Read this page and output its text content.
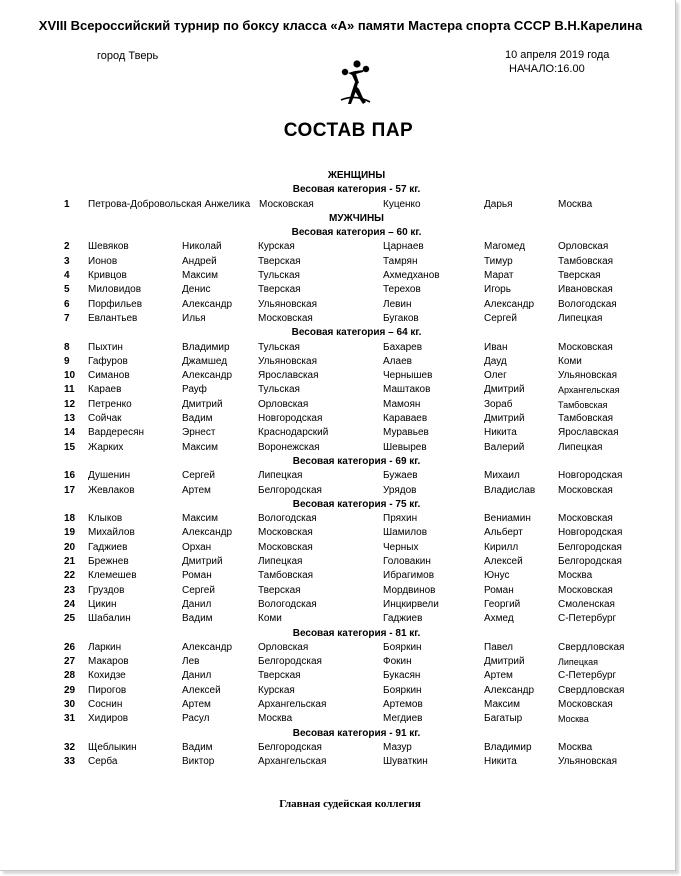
XVIII Всероссийский турнир по боксу класса «А» памяти Мастера спорта СССР В.Н.Карелина
город Тверь	10 апреля 2019 года
НАЧАЛО:16.00
СОСТАВ ПАР
ЖЕНЩИНЫ
Весовая категория - 57 кг.
1 Петрова-Добровольская Анжелика Московская	Куценко	Дарья	Москва
МУЖЧИНЫ
Весовая категория – 60 кг.
2 Шевяков	Николай	Курская	Царнаев	Магомед	Орловская
3 Ионов	Андрей	Тверская	Тамрян	Тимур	Тамбовская
4 Кривцов	Максим	Тульская	Ахмедханов	Марат	Тверская
5 Миловидов	Денис	Тверская	Терехов	Игорь	Ивановская
6 Порфильев	Александр	Ульяновская	Левин	Александр Вологодская
7 Евлантьев	Илья	Московская	Бугаков	Сергей	Липецкая
Весовая категория – 64 кг.
8 Пыхтин	Владимир	Тульская	Бахарев	Иван	Московская
9 Гафуров	Джамшед	Ульяновская	Алаев	Дауд	Коми
10 Симанов	Александр	Ярославская	Чернышев	Олег	Ульяновская
11 Караев	Рауф	Тульская	Маштаков	Дмитрий	Архангельская
12 Петренко	Дмитрий	Орловская	Мамоян	Зораб	Тамбовская
13 Сойчак	Вадим	Новгородская	Караваев	Дмитрий	Тамбовская
14 Вардересян	Эрнест	Краснодарский	Муравьев	Никита	Ярославская
15 Жарких	Максим	Воронежская	Шевырев	Валерий	Липецкая
Весовая категория - 69 кг.
16 Душенин	Сергей	Липецкая	Бужаев	Михаил	Новгородская
17 Жевлаков	Артем	Белгородская	Урядов	Владислав Московская
Весовая категория - 75 кг.
18 Клыков	Максим	Вологодская	Пряхин	Вениамин	Московская
19 Михайлов	Александр	Московская	Шамилов	Альберт	Новгородская
20 Гаджиев	Орхан	Московская	Черных	Кирилл	Белгородская
21 Брежнев	Дмитрий	Липецкая	Головакин	Алексей	Белгородская
22 Клемешев	Роман	Тамбовская	Ибрагимов	Юнус	Москва
23 Груздов	Сергей	Тверская	Мордвинов	Роман	Московская
24 Цикин	Данил	Вологодская	Инцкирвели	Георгий	Смоленская
25 Шабалин	Вадим	Коми	Гаджиев	Ахмед	С-Петербург
Весовая категория - 81 кг.
26 Ларкин	Александр	Орловская	Бояркин	Павел	Свердловская
27 Макаров	Лев	Белгородская	Фокин	Дмитрий	Липецкая
28 Кохидзе	Данил	Тверская	Букасян	Артем	С-Петербург
29 Пирогов	Алексей	Курская	Бояркин	Александр Свердловская
30 Соснин	Артем	Архангельская	Артемов	Максим	Московская
31 Хидиров	Расул	Москва	Мегдиев	Багатыр	Москва
Весовая категория - 91 кг.
32 Щеблыкин	Вадим	Белгородская	Мазур	Владимир	Москва
33 Серба	Виктор	Архангельская	Шуваткин	Никита	Ульяновская
Главная судейская коллегия
